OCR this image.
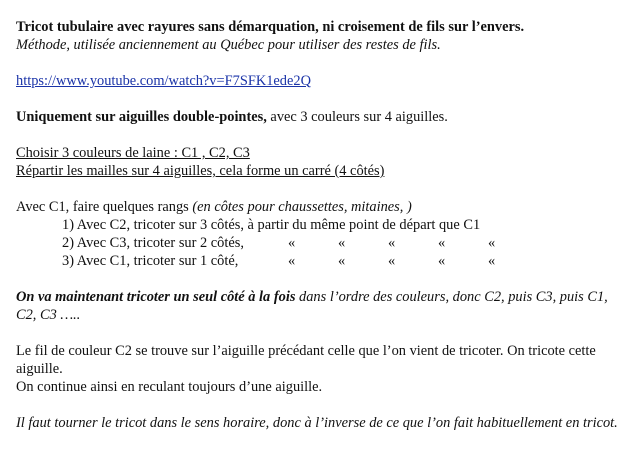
Tricot tubulaire avec rayures sans démarquation, ni croisement de fils sur l’envers.
Méthode, utilisée anciennement au Québec pour utiliser des restes de fils.
https://www.youtube.com/watch?v=F7SFK1ede2Q
Uniquement sur aiguilles double-pointes, avec 3 couleurs sur 4 aiguilles.
Choisir 3 couleurs de laine : C1 , C2, C3
Répartir les mailles sur 4 aiguilles, cela forme un carré (4 côtés)
Avec C1, faire quelques rangs (en côtes pour chaussettes, mitaines, )
1) Avec C2, tricoter sur 3 côtés, à partir du même point de départ que C1
2) Avec C3, tricoter sur 2 côtés,	«	«	«	«	«
3) Avec C1, tricoter sur 1 côté,	«	«	«	«	«
On va maintenant tricoter un seul côté à la fois dans l’ordre des couleurs, donc C2, puis C3, puis C1, C2, C3 …..
Le fil de couleur C2 se trouve sur l’aiguille précédant celle que l’on vient de tricoter. On tricote cette aiguille.
On continue ainsi en reculant toujours d’une aiguille.
Il faut tourner le tricot dans le sens horaire, donc à l’inverse de ce que l’on fait habituellement en tricot.
